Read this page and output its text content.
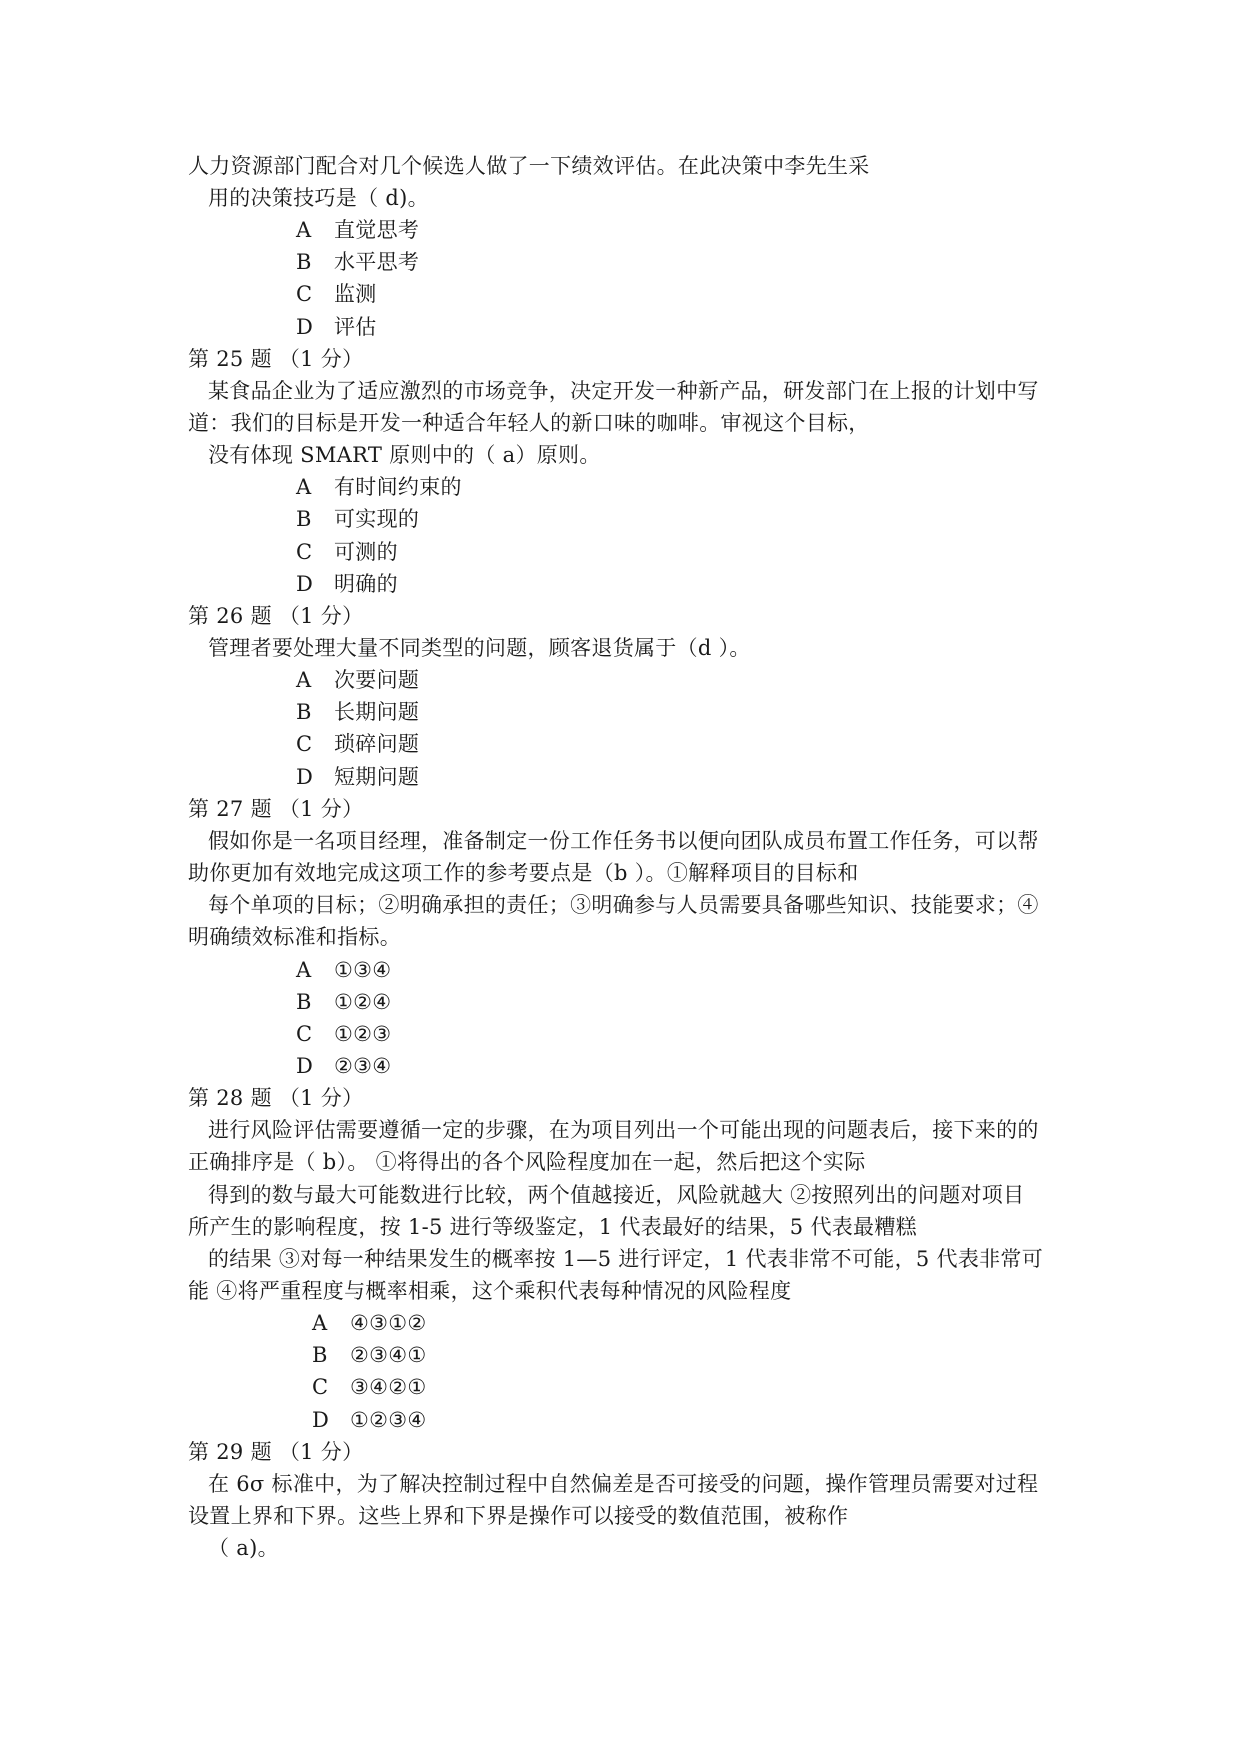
人力资源部门配合对几个候选人做了一下绩效评估。在此决策中李先生采
用的决策技巧是（ d)。
A 直觉思考
B 水平思考
C 监测
D 评估
第 25 题 （1 分）
某食品企业为了适应激烈的市场竞争，决定开发一种新产品，研发部门在上报的计划中写
道：我们的目标是开发一种适合年轻人的新口味的咖啡。审视这个目标，
没有体现 SMART 原则中的（ a）原则。
A 有时间约束的
B 可实现的
C 可测的
D 明确的
第 26 题 （1 分）
管理者要处理大量不同类型的问题，顾客退货属于（d ）。
A 次要问题
B 长期问题
C 琐碎问题
D 短期问题
第 27 题 （1 分）
假如你是一名项目经理，准备制定一份工作任务书以便向团队成员布置工作任务，可以帮
助你更加有效地完成这项工作的参考要点是（b ）。①解释项目的目标和
每个单项的目标；②明确承担的责任；③明确参与人员需要具备哪些知识、技能要求；④
明确绩效标准和指标。
A ①③④
B ①②④
C ①②③
D ②③④
第 28 题 （1 分）
进行风险评估需要遵循一定的步骤，在为项目列出一个可能出现的问题表后，接下来的的
正确排序是（ b）。 ①将得出的各个风险程度加在一起，然后把这个实际
得到的数与最大可能数进行比较，两个值越接近，风险就越大 ②按照列出的问题对项目
所产生的影响程度，按 1-5 进行等级鉴定，1 代表最好的结果，5 代表最糟糕
的结果 ③对每一种结果发生的概率按 1—5 进行评定，1 代表非常不可能，5 代表非常可
能 ④将严重程度与概率相乘，这个乘积代表每种情况的风险程度
A ④③①②
B ②③④①
C ③④②①
D ①②③④
第 29 题 （1 分）
在 6σ 标准中，为了解决控制过程中自然偏差是否可接受的问题，操作管理员需要对过程
设置上界和下界。这些上界和下界是操作可以接受的数值范围，被称作
（ a)。
